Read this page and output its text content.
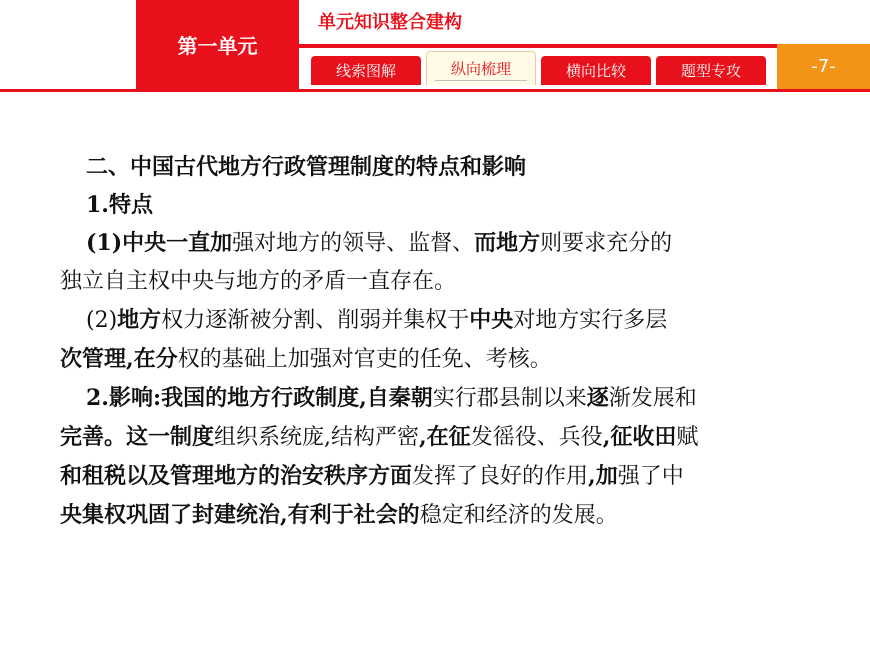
第一单元
单元知识整合建构
线索图解	纵向梳理	横向比较	题型专攻	-7-

二、中国古代地方行政管理制度的特点和影响

1.特点

(1)中央一直加强对地方的领导、监督、而地方则要求充分的

独立自主权中央与地方的矛盾一直存在。

(2)地方权力逐渐被分割、削弱并集权于中央对地方实行多层

次管理,在分权的基础上加强对官吏的任免、考核。

2.影响:我国的地方行政制度,自秦朝实行郡县制以来逐渐发展和

完善。这一制度组织系统庞,结构严密,在征发徭役、兵役,征收田赋

和租税以及管理地方的治安秩序方面发挥了良好的作用,加强了中

央集权巩固了封建统治,有利于社会的稳定和经济的发展。
